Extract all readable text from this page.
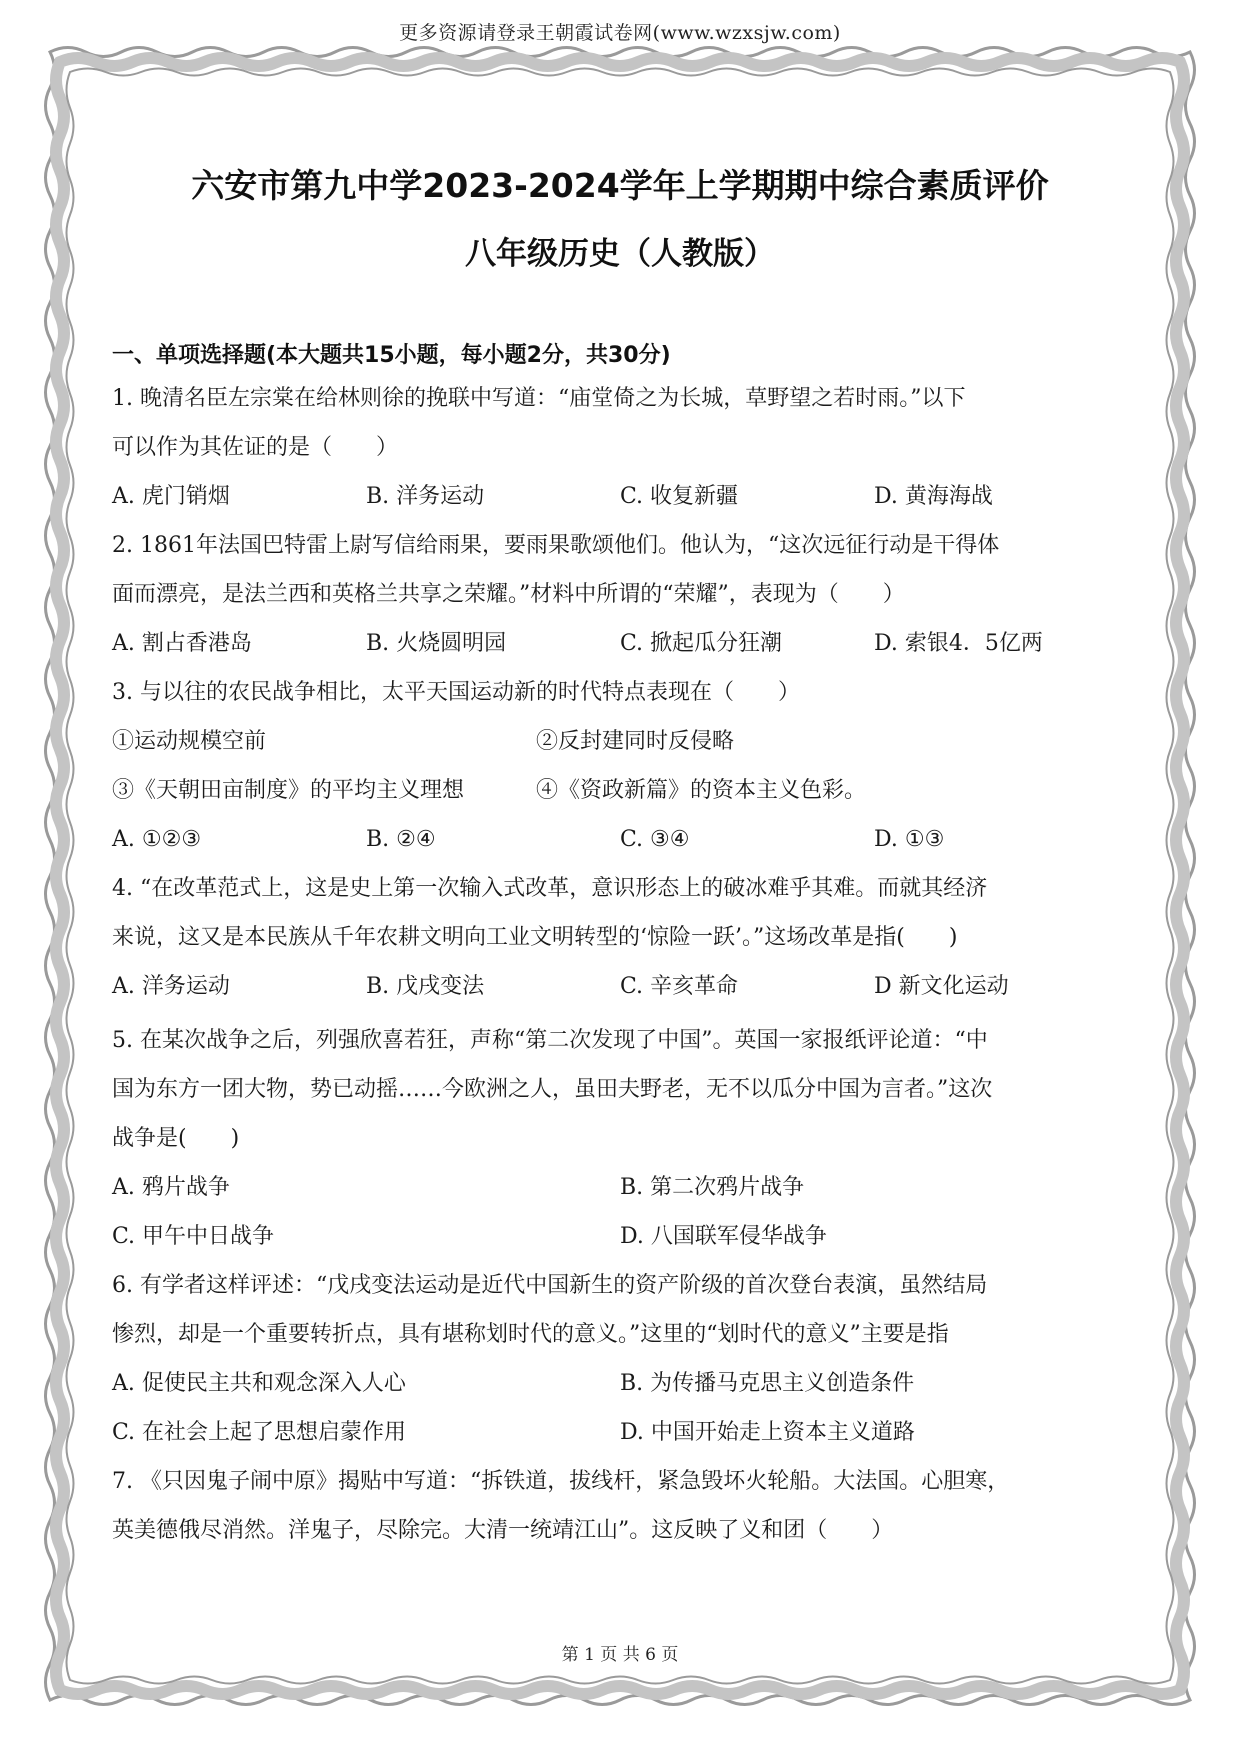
更多资源请登录王朝霞试卷网(www.wzxsjw.com)
六安市第九中学2023-2024学年上学期期中综合素质评价
八年级历史（人教版）
一、单项选择题(本大题共15小题，每小题2分，共30分)
1. 晚清名臣左宗棠在给林则徐的挽联中写道：“庙堂倚之为长城，草野望之若时雨。”以下
可以作为其佐证的是（　　）
A. 虎门销烟	B. 洋务运动	C. 收复新疆	D. 黄海海战
2. 1861年法国巴特雷上尉写信给雨果，要雨果歌颂他们。他认为，“这次远征行动是干得体
面而漂亮，是法兰西和英格兰共享之荣耀。”材料中所谓的“荣耀”，表现为（　　）
A. 割占香港岛	B. 火烧圆明园	C. 掀起瓜分狂潮	D. 索银4．5亿两
3. 与以往的农民战争相比，太平天国运动新的时代特点表现在（　　）
①运动规模空前	②反封建同时反侵略
③《天朝田亩制度》的平均主义理想	④《资政新篇》的资本主义色彩。
A. ①②③	B. ②④	C. ③④	D. ①③
4. “在改革范式上，这是史上第一次输入式改革，意识形态上的破冰难乎其难。而就其经济
来说，这又是本民族从千年农耕文明向工业文明转型的‘惊险一跃’。”这场改革是指(　　)
A. 洋务运动	B. 戊戌变法	C. 辛亥革命	D 新文化运动
5. 在某次战争之后，列强欣喜若狂，声称“第二次发现了中国”。英国一家报纸评论道：“中
国为东方一团大物，势已动摇……今欧洲之人，虽田夫野老，无不以瓜分中国为言者。”这次
战争是(　　)
A. 鸦片战争	B. 第二次鸦片战争
C. 甲午中日战争	D. 八国联军侵华战争
6. 有学者这样评述：“戊戌变法运动是近代中国新生的资产阶级的首次登台表演，虽然结局
惨烈，却是一个重要转折点，具有堪称划时代的意义。”这里的“划时代的意义”主要是指
A. 促使民主共和观念深入人心	B. 为传播马克思主义创造条件
C. 在社会上起了思想启蒙作用	D. 中国开始走上资本主义道路
7. 《只因鬼子闹中原》揭贴中写道：“拆铁道，拔线杆，紧急毁坏火轮船。大法国。心胆寒，
英美德俄尽消然。洋鬼子，尽除完。大清一统靖江山”。这反映了义和团（　　）
第 1 页 共 6 页
